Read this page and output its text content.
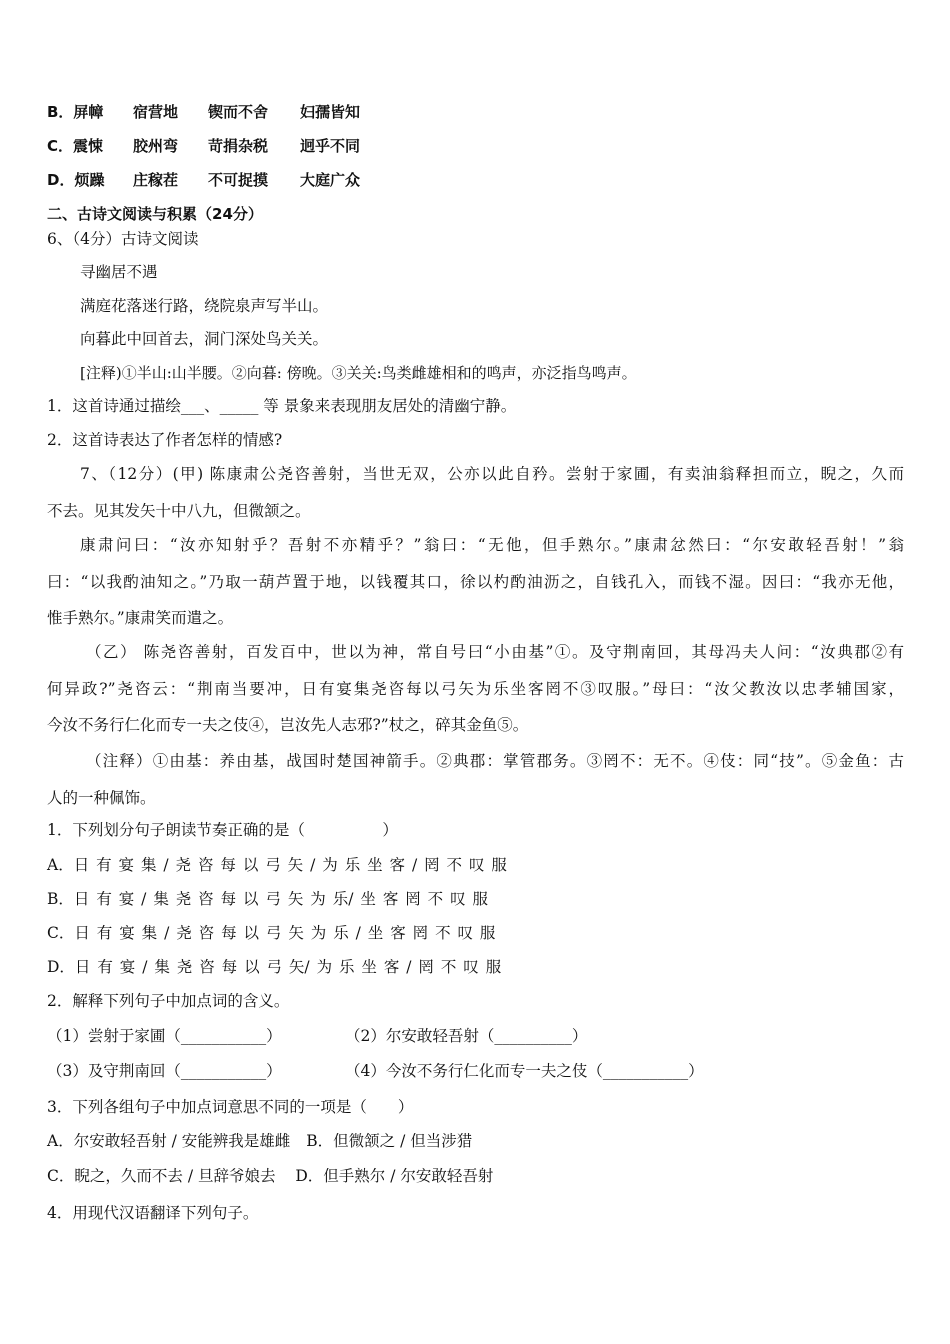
B．屏幛 宿营地 锲而不舍 妇孺皆知
C．震悚 胶州弯 苛捐杂税 迥乎不同
D．烦躁 庄稼茬 不可捉摸 大庭广众
二、古诗文阅读与积累（24分）
6、（4分）古诗文阅读
寻幽居不遇
满庭花落迷行路，绕院泉声写半山。
向暮此中回首去，洞门深处鸟关关。
[注释)①半山:山半腰。②向暮: 傍晚。③关关:鸟类雌雄相和的鸣声，亦泛指鸟鸣声。
1．这首诗通过描绘___、_____ 等 景象来表现朋友居处的清幽宁静。
2．这首诗表达了作者怎样的情感?
7、（12分）(甲) 陈康肃公尧咨善射，当世无双，公亦以此自矜。尝射于家圃，有卖油翁释担而立，睨之，久而
不去。见其发矢十中八九，但微颔之。
康肃问曰：“汝亦知射乎？吾射不亦精乎？”翁曰：“无他，但手熟尔。”康肃忿然曰：“尔安敢轻吾射！”翁
曰：“以我酌油知之。”乃取一葫芦置于地，以钱覆其口，徐以杓酌油沥之，自钱孔入，而钱不湿。因曰：“我亦无他，
惟手熟尔。”康肃笑而遣之。
（乙） 陈尧咨善射，百发百中，世以为神，常自号曰“小由基”①。及守荆南回，其母冯夫人问：“汝典郡②有
何异政?”尧咨云：“荆南当要冲，日有宴集尧咨每以弓矢为乐坐客罔不③叹服。”母曰：“汝父教汝以忠孝辅国家，
今汝不务行仁化而专一夫之伎④，岂汝先人志邪?”杖之，碎其金鱼⑤。
（注释）①由基：养由基，战国时楚国神箭手。②典郡：掌管郡务。③罔不：无不。④伎：同“技”。⑤金鱼：古
人的一种佩饰。
1．下列划分句子朗读节奏正确的是（　　　　　）
A．日 有 宴 集 / 尧 咨 每 以 弓 矢 / 为 乐 坐 客 / 罔 不 叹 服
B．日 有 宴 / 集 尧 咨 每 以 弓 矢 为 乐/ 坐 客 罔 不 叹 服
C．日 有 宴 集 / 尧 咨 每 以 弓 矢 为 乐 / 坐 客 罔 不 叹 服
D．日 有 宴 / 集 尧 咨 每 以 弓 矢/ 为 乐 坐 客 / 罔 不 叹 服
2．解释下列句子中加点词的含义。
（1）尝射于家圃（___________）	（2）尔安敢轻吾射（__________）
（3）及守荆南回（___________）	（4）今汝不务行仁化而专一夫之伎（___________）
3．下列各组句子中加点词意思不同的一项是（　　）
A．尔安敢轻吾射 / 安能辨我是雄雌 B．但微颔之 / 但当涉猎
C．睨之，久而不去 / 旦辞爷娘去 D．但手熟尔 / 尔安敢轻吾射
4．用现代汉语翻译下列句子。
